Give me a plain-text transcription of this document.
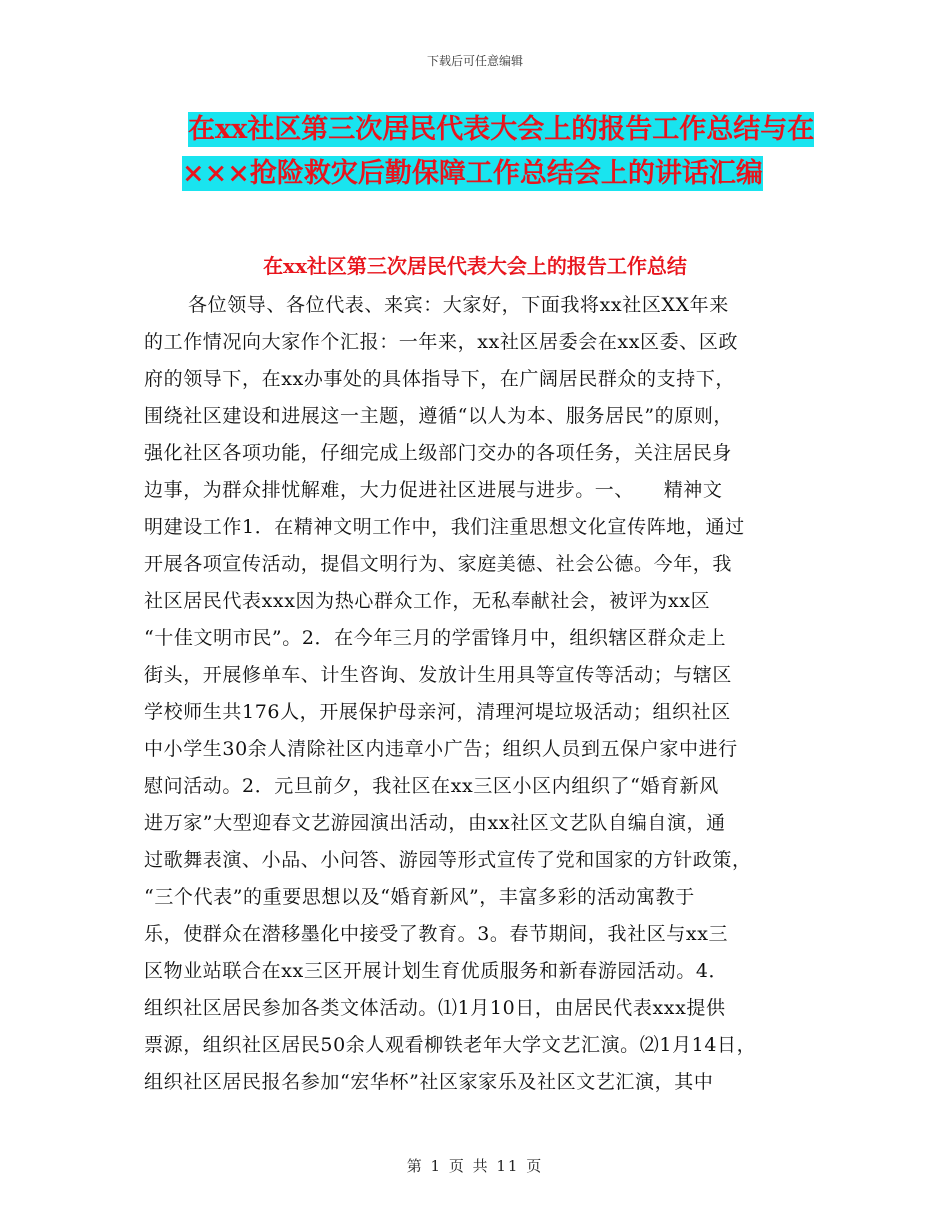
下载后可任意编辑
在xx社区第三次居民代表大会上的报告工作总结与在
×××抢险救灾后勤保障工作总结会上的讲话汇编
在xx社区第三次居民代表大会上的报告工作总结
各位领导、各位代表、来宾：大家好，下面我将xx社区XX年来
的工作情况向大家作个汇报：一年来，xx社区居委会在xx区委、区政
府的领导下，在xx办事处的具体指导下，在广阔居民群众的支持下，
围绕社区建设和进展这一主题，遵循“以人为本、服务居民”的原则，
强化社区各项功能，仔细完成上级部门交办的各项任务，关注居民身
边事，为群众排忧解难，大力促进社区进展与进步。一、　　精神文
明建设工作1．在精神文明工作中，我们注重思想文化宣传阵地，通过
开展各项宣传活动，提倡文明行为、家庭美德、社会公德。今年，我
社区居民代表xxx因为热心群众工作，无私奉献社会，被评为xx区
“十佳文明市民”。2．在今年三月的学雷锋月中，组织辖区群众走上
街头，开展修单车、计生咨询、发放计生用具等宣传等活动；与辖区
学校师生共176人，开展保护母亲河，清理河堤垃圾活动；组织社区
中小学生30余人清除社区内违章小广告；组织人员到五保户家中进行
慰问活动。2．元旦前夕，我社区在xx三区小区内组织了“婚育新风
进万家”大型迎春文艺游园演出活动，由xx社区文艺队自编自演，通
过歌舞表演、小品、小问答、游园等形式宣传了党和国家的方针政策，
“三个代表”的重要思想以及“婚育新风”，丰富多彩的活动寓教于
乐，使群众在潜移墨化中接受了教育。3。春节期间，我社区与xx三
区物业站联合在xx三区开展计划生育优质服务和新春游园活动。4．
组织社区居民参加各类文体活动。⑴1月10日，由居民代表xxx提供
票源，组织社区居民50余人观看柳铁老年大学文艺汇演。⑵1月14日，
组织社区居民报名参加“宏华杯”社区家家乐及社区文艺汇演，其中
第 1 页 共 11 页
